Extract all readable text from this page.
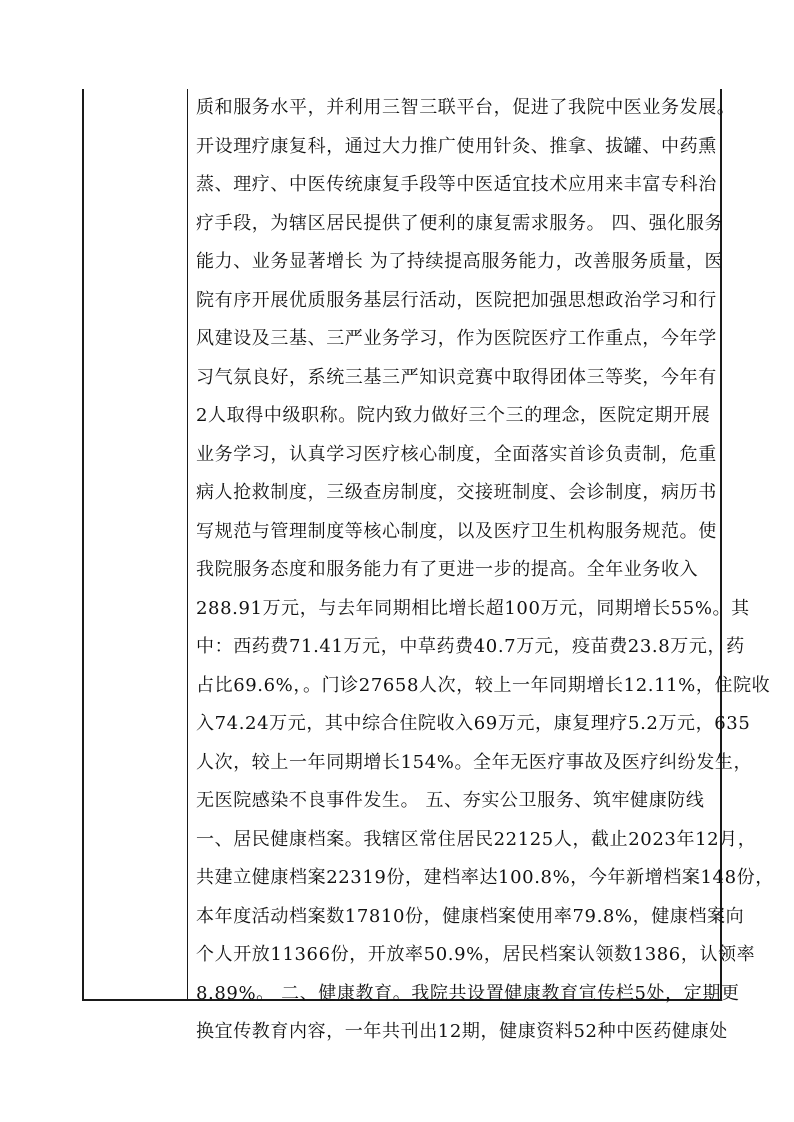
质和服务水平，并利用三智三联平台，促进了我院中医业务发展。
开设理疗康复科，通过大力推广使用针灸、推拿、拔罐、中药熏
蒸、理疗、中医传统康复手段等中医适宜技术应用来丰富专科治
疗手段，为辖区居民提供了便利的康复需求服务。 四、强化服务
能力、业务显著增长 为了持续提高服务能力，改善服务质量，医
院有序开展优质服务基层行活动，医院把加强思想政治学习和行
风建设及三基、三严业务学习，作为医院医疗工作重点，今年学
习气氛良好，系统三基三严知识竞赛中取得团体三等奖，今年有
2人取得中级职称。院内致力做好三个三的理念，医院定期开展
业务学习，认真学习医疗核心制度，全面落实首诊负责制，危重
病人抢救制度，三级查房制度，交接班制度、会诊制度，病历书
写规范与管理制度等核心制度，以及医疗卫生机构服务规范。使
我院服务态度和服务能力有了更进一步的提高。全年业务收入
288.91万元，与去年同期相比增长超100万元，同期增长55%。其
中：西药费71.41万元，中草药费40.7万元，疫苗费23.8万元，药
占比69.6%，。门诊27658人次，较上一年同期增长12.11%，住院收
入74.24万元，其中综合住院收入69万元，康复理疗5.2万元，635
人次，较上一年同期增长154%。全年无医疗事故及医疗纠纷发生，
无医院感染不良事件发生。 五、夯实公卫服务、筑牢健康防线
一、居民健康档案。我辖区常住居民22125人，截止2023年12月，
共建立健康档案22319份，建档率达100.8%，今年新增档案148份，
本年度活动档案数17810份，健康档案使用率79.8%，健康档案向
个人开放11366份，开放率50.9%，居民档案认领数1386，认领率
8.89%。 二、健康教育。我院共设置健康教育宣传栏5处，定期更
换宜传教育内容，一年共刊出12期，健康资料52种中医药健康处
